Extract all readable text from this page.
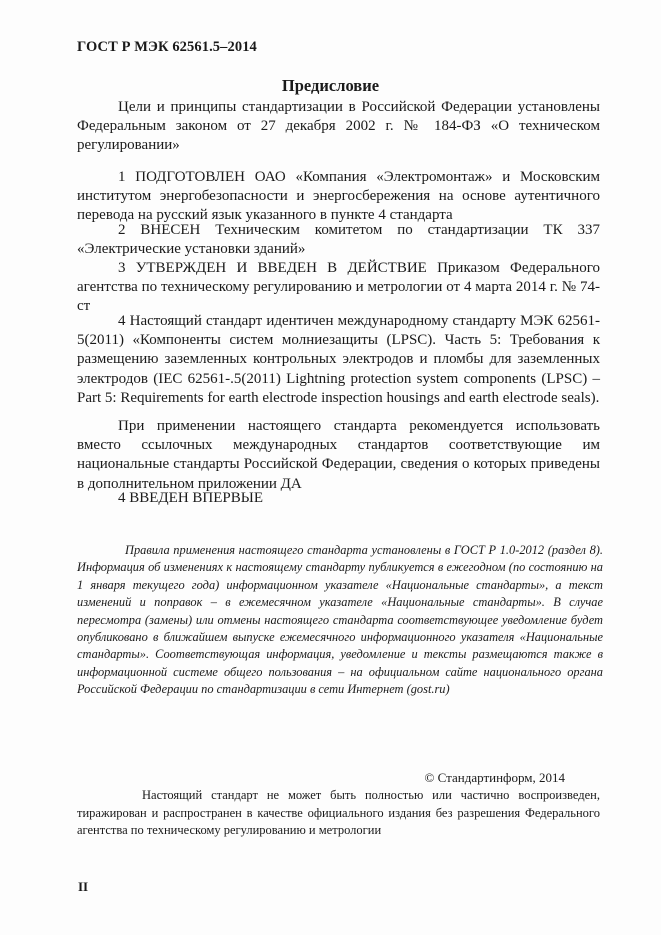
ГОСТ Р МЭК 62561.5–2014
Предисловие

Цели и принципы стандартизации в Российской Федерации установлены Федеральным законом от 27 декабря 2002 г. № 184-ФЗ «О техническом регулировании»

1 ПОДГОТОВЛЕН ОАО «Компания «Электромонтаж» и Московским институтом энергобезопасности и энергосбережения на основе аутентичного перевода на русский язык указанного в пункте 4 стандарта

2 ВНЕСЕН Техническим комитетом по стандартизации ТК 337 «Электрические установки зданий»

3 УТВЕРЖДЕН И ВВЕДЕН В ДЕЙСТВИЕ Приказом Федерального агентства по техническому регулированию и метрологии от 4 марта 2014 г. № 74-ст

4 Настоящий стандарт идентичен международному стандарту МЭК 62561-5(2011) «Компоненты систем молниезащиты (LPSC). Часть 5: Требования к размещению заземленных контрольных электродов и пломбы для заземленных электродов (IEC 62561-.5(2011) Lightning protection system components (LPSC) – Part 5: Requirements for earth electrode inspection housings and earth electrode seals).

При применении настоящего стандарта рекомендуется использовать вместо ссылочных международных стандартов соответствующие им национальные стандарты Российской Федерации, сведения о которых приведены в дополнительном приложении ДА

4 ВВЕДЕН ВПЕРВЫЕ

Правила применения настоящего стандарта установлены в ГОСТ Р 1.0-2012 (раздел 8). Информация об изменениях к настоящему стандарту публикуется в ежегодном (по состоянию на 1 января текущего года) информационном указателе «Национальные стандарты», а текст изменений и поправок – в ежемесячном указателе «Национальные стандарты». В случае пересмотра (замены) или отмены настоящего стандарта соответствующее уведомление будет опубликовано в ближайшем выпуске ежемесячного информационного указателя «Национальные стандарты». Соответствующая информация, уведомление и тексты размещаются также в информационной системе общего пользования – на официальном сайте национального органа Российской Федерации по стандартизации в сети Интернет (gost.ru)

© Стандартинформ, 2014

Настоящий стандарт не может быть полностью или частично воспроизведен, тиражирован и распространен в качестве официального издания без разрешения Федерального агентства по техническому регулированию и метрологии

II
